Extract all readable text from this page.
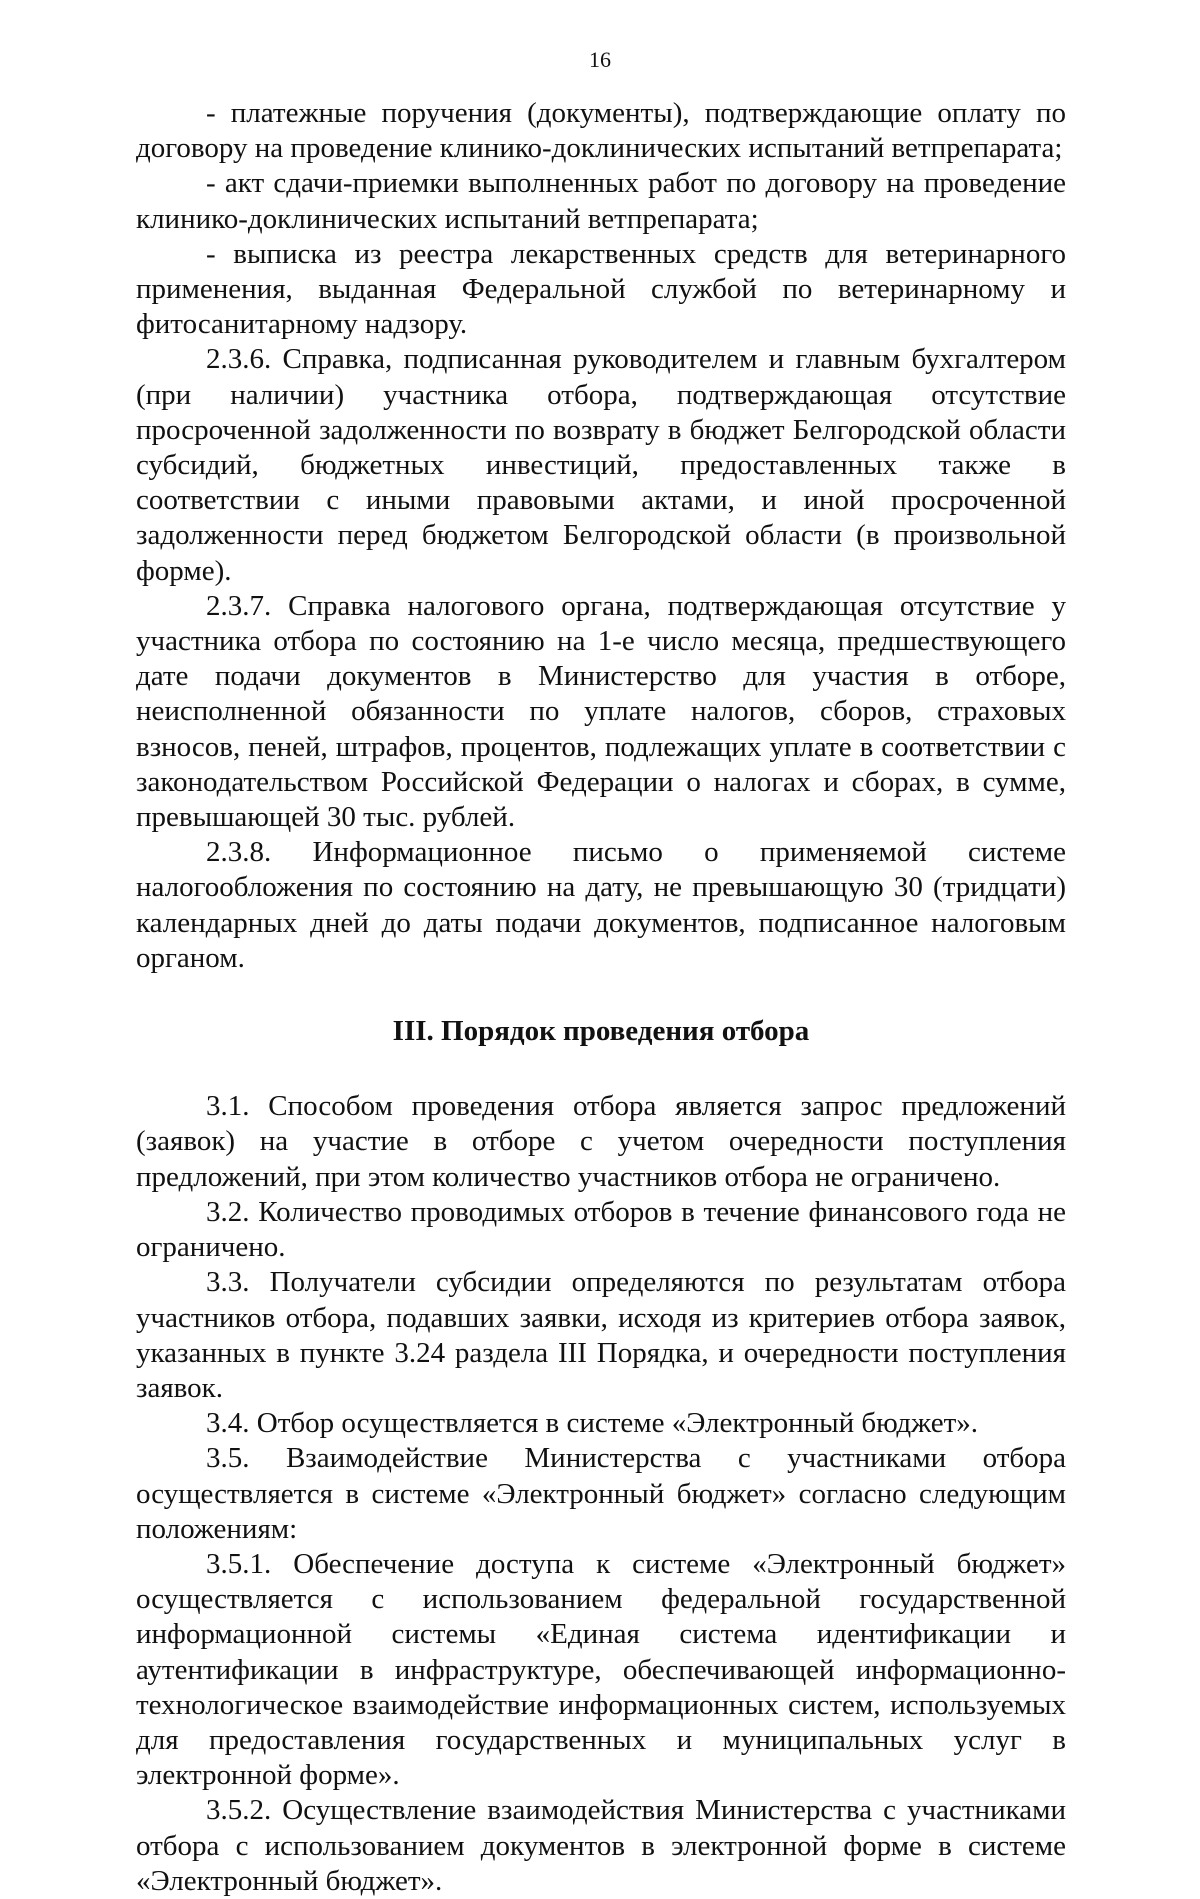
16

- платежные поручения (документы), подтверждающие оплату по договору на проведение клинико-доклинических испытаний ветпрепарата;

- акт сдачи-приемки выполненных работ по договору на проведение клинико-доклинических испытаний ветпрепарата;

- выписка из реестра лекарственных средств для ветеринарного применения, выданная Федеральной службой по ветеринарному и фитосанитарному надзору.

2.3.6. Справка, подписанная руководителем и главным бухгалтером (при наличии) участника отбора, подтверждающая отсутствие просроченной задолженности по возврату в бюджет Белгородской области субсидий, бюджетных инвестиций, предоставленных также в соответствии с иными правовыми актами, и иной просроченной задолженности перед бюджетом Белгородской области (в произвольной форме).

2.3.7. Справка налогового органа, подтверждающая отсутствие у участника отбора по состоянию на 1-е число месяца, предшествующего дате подачи документов в Министерство для участия в отборе, неисполненной обязанности по уплате налогов, сборов, страховых взносов, пеней, штрафов, процентов, подлежащих уплате в соответствии с законодательством Российской Федерации о налогах и сборах, в сумме, превышающей 30 тыс. рублей.

2.3.8. Информационное письмо о применяемой системе налогообложения по состоянию на дату, не превышающую 30 (тридцати) календарных дней до даты подачи документов, подписанное налоговым органом.

III. Порядок проведения отбора

3.1. Способом проведения отбора является запрос предложений (заявок) на участие в отборе с учетом очередности поступления предложений, при этом количество участников отбора не ограничено.

3.2. Количество проводимых отборов в течение финансового года не ограничено.

3.3. Получатели субсидии определяются по результатам отбора участников отбора, подавших заявки, исходя из критериев отбора заявок, указанных в пункте 3.24 раздела III Порядка, и очередности поступления заявок.

3.4. Отбор осуществляется в системе «Электронный бюджет».

3.5. Взаимодействие Министерства с участниками отбора осуществляется в системе «Электронный бюджет» согласно следующим положениям:

3.5.1. Обеспечение доступа к системе «Электронный бюджет» осуществляется с использованием федеральной государственной информационной системы «Единая система идентификации и аутентификации в инфраструктуре, обеспечивающей информационно-технологическое взаимодействие информационных систем, используемых для предоставления государственных и муниципальных услуг в электронной форме».

3.5.2. Осуществление взаимодействия Министерства с участниками отбора с использованием документов в электронной форме в системе «Электронный бюджет».
